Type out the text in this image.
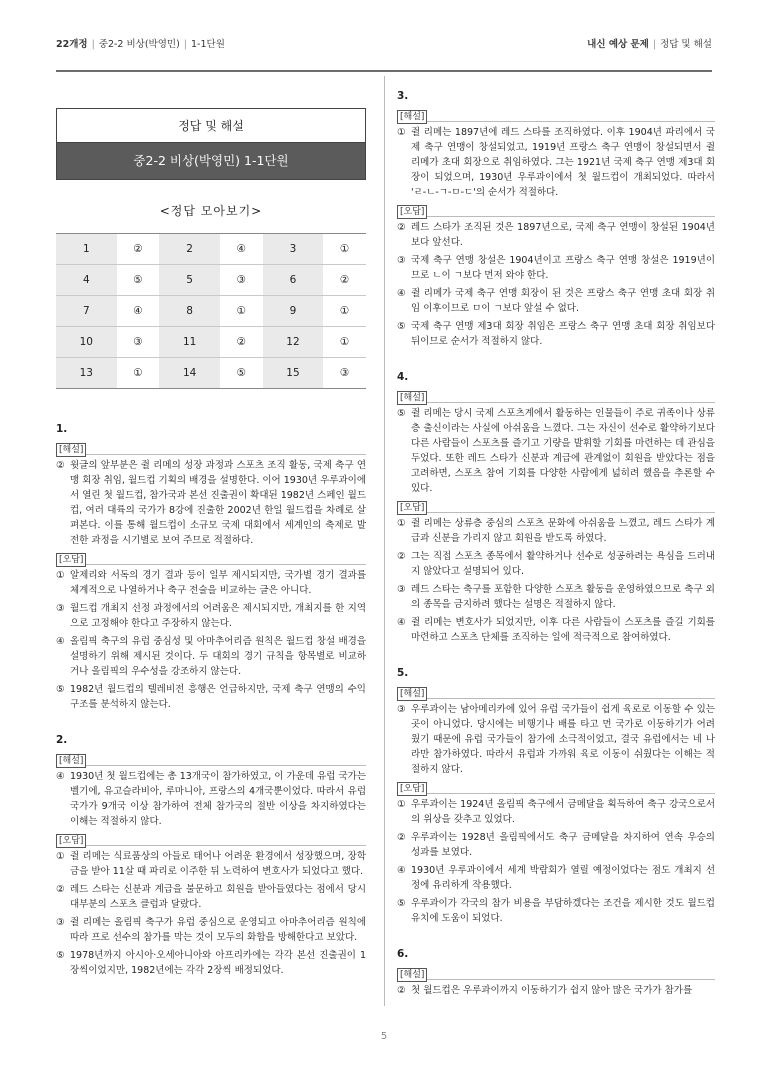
22개정 | 중2-2 비상(박영민) | 1-1단원	내신 예상 문제 | 정답 및 해설
정답 및 해설
중2-2 비상(박영민) 1-1단원
<정답 모아보기>
1	②	2	④	3	①
4	⑤	5	③	6	②
7	④	8	①	9	①
10	③	11	②	12	①
13	①	14	⑤	15	③
1.
[해설]
② 윗글의 앞부분은 쥘 리메의 성장 과정과 스포츠 조직 활동, 국제 축구 연맹 회장 취임, 월드컵 기획의 배경을 설명한다. 이어 1930년 우루과이에서 열린 첫 월드컵, 참가국과 본선 진출권이 확대된 1982년 스페인 월드컵, 여러 대륙의 국가가 8강에 진출한 2002년 한일 월드컵을 차례로 살펴본다. 이를 통해 월드컵이 소규모 국제 대회에서 세계인의 축제로 발전한 과정을 시기별로 보여 주므로 적절하다.
[오답]
① 알제리와 서독의 경기 결과 등이 일부 제시되지만, 국가별 경기 결과를 체계적으로 나열하거나 축구 전술을 비교하는 글은 아니다.
③ 월드컵 개최지 선정 과정에서의 어려움은 제시되지만, 개최지를 한 지역으로 고정해야 한다고 주장하지 않는다.
④ 올림픽 축구의 유럽 중심성 및 아마추어리즘 원칙은 월드컵 창설 배경을 설명하기 위해 제시된 것이다. 두 대회의 경기 규칙을 항목별로 비교하거나 올림픽의 우수성을 강조하지 않는다.
⑤ 1982년 월드컵의 텔레비전 흥행은 언급하지만, 국제 축구 연맹의 수익 구조를 분석하지 않는다.
2.
[해설]
④ 1930년 첫 월드컵에는 총 13개국이 참가하였고, 이 가운데 유럽 국가는 벨기에, 유고슬라비아, 루마니아, 프랑스의 4개국뿐이었다. 따라서 유럽 국가가 9개국 이상 참가하여 전체 참가국의 절반 이상을 차지하였다는 이해는 적절하지 않다.
[오답]
① 쥘 리메는 식료품상의 아들로 태어나 어려운 환경에서 성장했으며, 장학금을 받아 11살 때 파리로 이주한 뒤 노력하여 변호사가 되었다고 했다.
② 레드 스타는 신분과 계급을 불문하고 회원을 받아들였다는 점에서 당시 대부분의 스포츠 클럽과 달랐다.
③ 쥘 리메는 올림픽 축구가 유럽 중심으로 운영되고 아마추어리즘 원칙에 따라 프로 선수의 참가를 막는 것이 모두의 화합을 방해한다고 보았다.
⑤ 1978년까지 아시아·오세아니아와 아프리카에는 각각 본선 진출권이 1장씩이었지만, 1982년에는 각각 2장씩 배정되었다.
3.
[해설]
① 쥘 리메는 1897년에 레드 스타를 조직하였다. 이후 1904년 파리에서 국제 축구 연맹이 창설되었고, 1919년 프랑스 축구 연맹이 창설되면서 쥘 리메가 초대 회장으로 취임하였다. 그는 1921년 국제 축구 연맹 제3대 회장이 되었으며, 1930년 우루과이에서 첫 월드컵이 개최되었다. 따라서 'ㄹ-ㄴ-ㄱ-ㅁ-ㄷ'의 순서가 적절하다.
[오답]
② 레드 스타가 조직된 것은 1897년으로, 국제 축구 연맹이 창설된 1904년보다 앞선다.
③ 국제 축구 연맹 창설은 1904년이고 프랑스 축구 연맹 창설은 1919년이므로 ㄴ이 ㄱ보다 먼저 와야 한다.
④ 쥘 리메가 국제 축구 연맹 회장이 된 것은 프랑스 축구 연맹 초대 회장 취임 이후이므로 ㅁ이 ㄱ보다 앞설 수 없다.
⑤ 국제 축구 연맹 제3대 회장 취임은 프랑스 축구 연맹 초대 회장 취임보다 뒤이므로 순서가 적절하지 않다.
4.
[해설]
⑤ 쥘 리메는 당시 국제 스포츠계에서 활동하는 인물들이 주로 귀족이나 상류층 출신이라는 사실에 아쉬움을 느꼈다. 그는 자신이 선수로 활약하기보다 다른 사람들이 스포츠를 즐기고 기량을 발휘할 기회를 마련하는 데 관심을 두었다. 또한 레드 스타가 신분과 계급에 관계없이 회원을 받았다는 점을 고려하면, 스포츠 참여 기회를 다양한 사람에게 넓히려 했음을 추론할 수 있다.
[오답]
① 쥘 리메는 상류층 중심의 스포츠 문화에 아쉬움을 느꼈고, 레드 스타가 계급과 신분을 가리지 않고 회원을 받도록 하였다.
② 그는 직접 스포츠 종목에서 활약하거나 선수로 성공하려는 욕심을 드러내지 않았다고 설명되어 있다.
③ 레드 스타는 축구를 포함한 다양한 스포츠 활동을 운영하였으므로 축구 외의 종목을 금지하려 했다는 설명은 적절하지 않다.
④ 쥘 리메는 변호사가 되었지만, 이후 다른 사람들이 스포츠를 즐길 기회를 마련하고 스포츠 단체를 조직하는 일에 적극적으로 참여하였다.
5.
[해설]
③ 우루과이는 남아메리카에 있어 유럽 국가들이 쉽게 육로로 이동할 수 있는 곳이 아니었다. 당시에는 비행기나 배를 타고 먼 국가로 이동하기가 어려웠기 때문에 유럽 국가들이 참가에 소극적이었고, 결국 유럽에서는 네 나라만 참가하였다. 따라서 유럽과 가까워 육로 이동이 쉬웠다는 이해는 적절하지 않다.
[오답]
① 우루과이는 1924년 올림픽 축구에서 금메달을 획득하여 축구 강국으로서의 위상을 갖추고 있었다.
② 우루과이는 1928년 올림픽에서도 축구 금메달을 차지하여 연속 우승의 성과를 보였다.
④ 1930년 우루과이에서 세계 박람회가 열릴 예정이었다는 점도 개최지 선정에 유리하게 작용했다.
⑤ 우루과이가 각국의 참가 비용을 부담하겠다는 조건을 제시한 것도 월드컵 유치에 도움이 되었다.
6.
[해설]
② 첫 월드컵은 우루과이까지 이동하기가 쉽지 않아 많은 국가가 참가를
5
